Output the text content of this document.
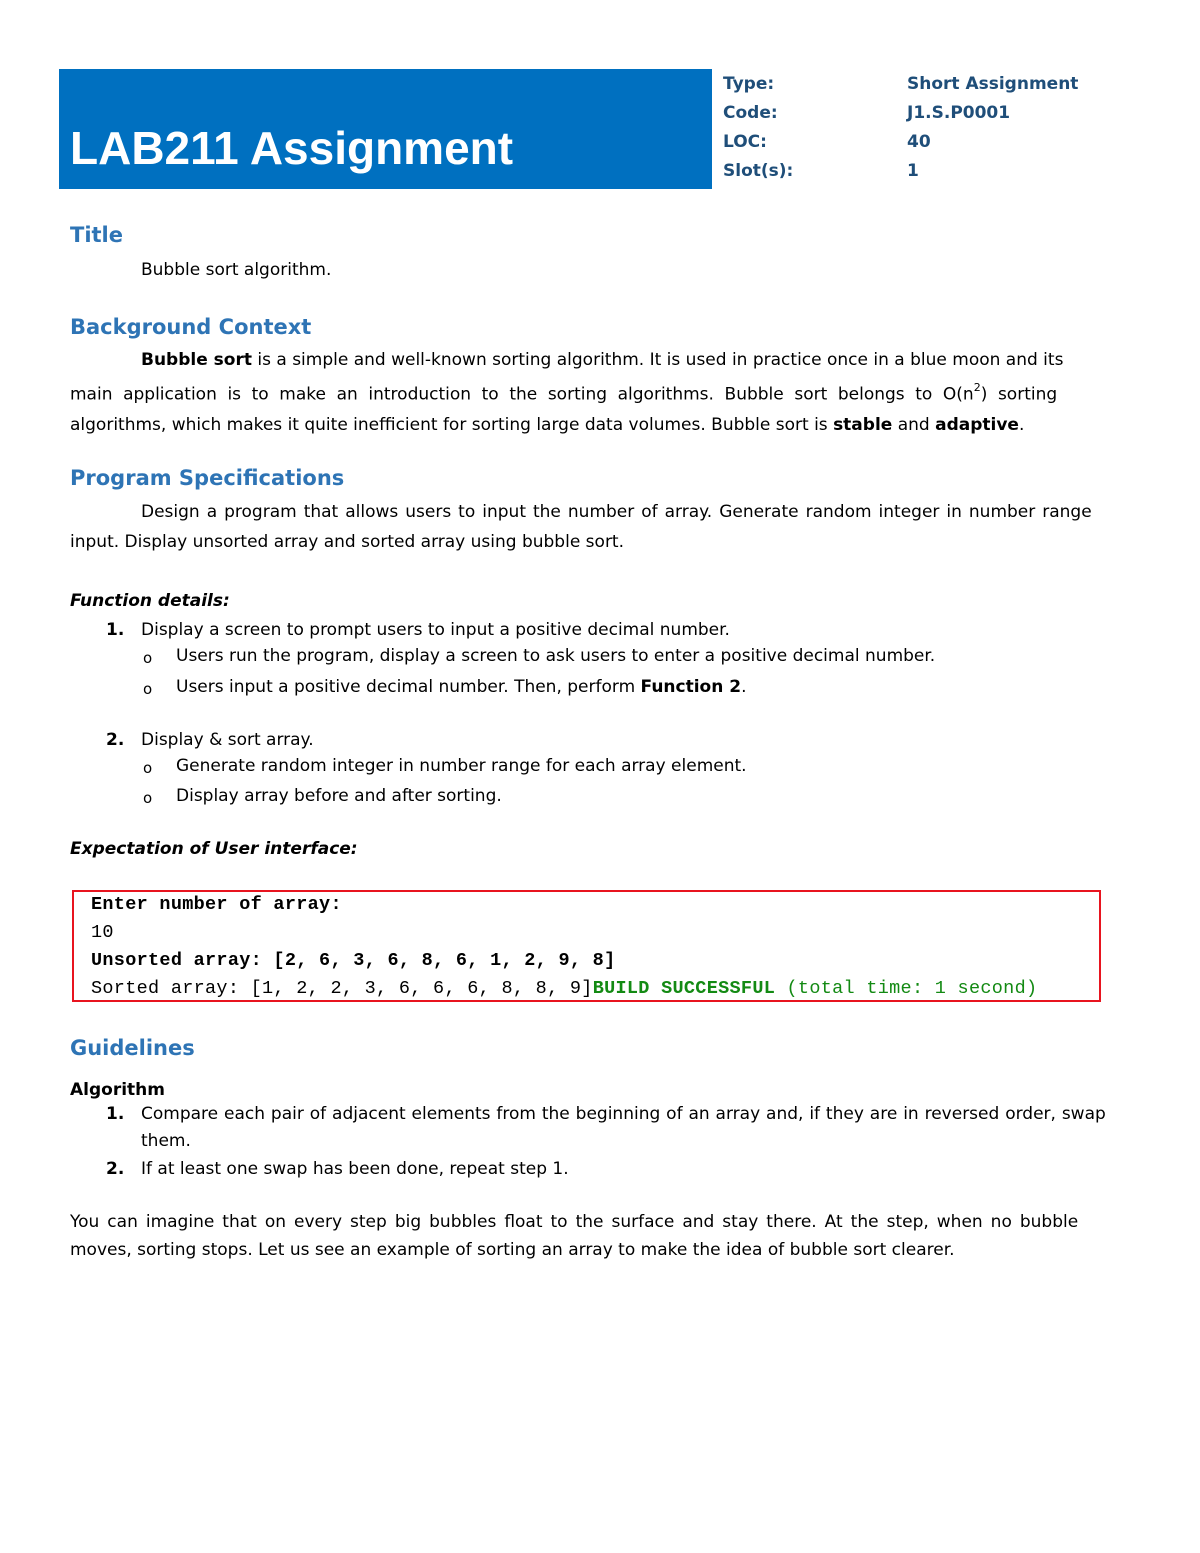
LAB211 Assignment
Type:	Short Assignment
Code:	J1.S.P0001
LOC:	40
Slot(s):	1
Title
Bubble sort algorithm.
Background Context
Bubble sort is a simple and well-known sorting algorithm. It is used in practice once in a blue moon and its
main application is to make an introduction to the sorting algorithms. Bubble sort belongs to $O(n^2)$ sorting
algorithms, which makes it quite inefficient for sorting large data volumes. Bubble sort is stable and adaptive.
Program Specifications
Design a program that allows users to input the number of array. Generate random integer in number range
input. Display unsorted array and sorted array using bubble sort.
Function details:
1. Display a screen to prompt users to input a positive decimal number.
o Users run the program, display a screen to ask users to enter a positive decimal number.
o Users input a positive decimal number. Then, perform Function 2.
2. Display & sort array.
o Generate random integer in number range for each array element.
o Display array before and after sorting.
Expectation of User interface:
Enter number of array:
10
Unsorted array: [2, 6, 3, 6, 8, 6, 1, 2, 9, 8]
Sorted array: [1, 2, 2, 3, 6, 6, 6, 8, 8, 9]BUILD SUCCESSFUL (total time: 1 second)
Guidelines
Algorithm
1. Compare each pair of adjacent elements from the beginning of an array and, if they are in reversed order, swap
them.
2. If at least one swap has been done, repeat step 1.
You can imagine that on every step big bubbles float to the surface and stay there. At the step, when no bubble
moves, sorting stops. Let us see an example of sorting an array to make the idea of bubble sort clearer.
